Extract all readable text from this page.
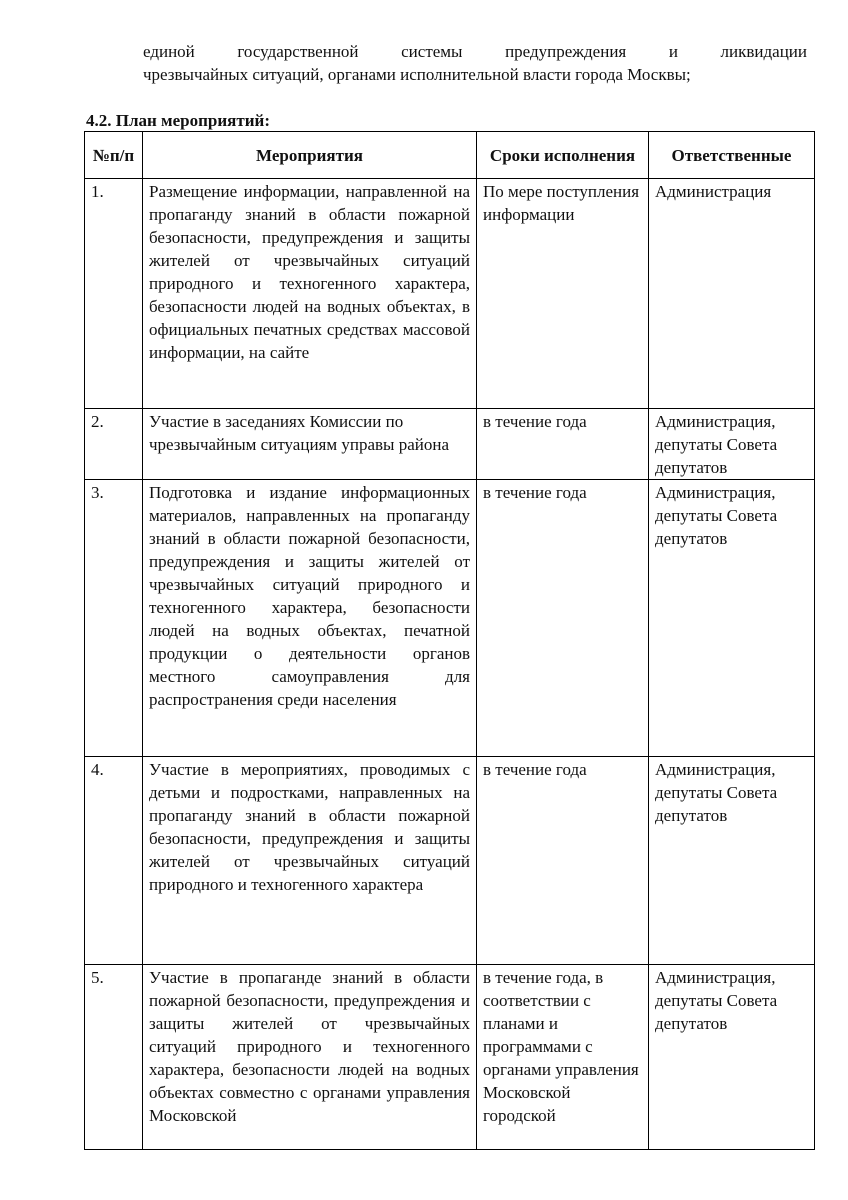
единой государственной системы предупреждения и ликвидации
чрезвычайных ситуаций, органами исполнительной власти города Москвы;
4.2. План мероприятий:
№п/п	Мероприятия	Сроки исполнения	Ответственные
1.	Размещение информации, направленной на пропаганду знаний в области пожарной безопасности, предупреждения и защиты жителей от чрезвычайных ситуаций природного и техногенного характера, безопасности людей на водных объектах, в официальных печатных средствах массовой информации, на сайте	По мере поступления информации	Администрация
2.	Участие в заседаниях Комиссии по чрезвычайным ситуациям управы района	в течение года	Администрация, депутаты Совета депутатов
3.	Подготовка и издание информационных материалов, направленных на пропаганду знаний в области пожарной безопасности, предупреждения и защиты жителей от чрезвычайных ситуаций природного и техногенного характера, безопасности людей на водных объектах, печатной продукции о деятельности органов местного самоуправления для распространения среди населения	в течение года	Администрация, депутаты Совета депутатов
4.	Участие в мероприятиях, проводимых с детьми и подростками, направленных на пропаганду знаний в области пожарной безопасности, предупреждения и защиты жителей от чрезвычайных ситуаций природного и техногенного характера	в течение года	Администрация, депутаты Совета депутатов
5.	Участие в пропаганде знаний в области пожарной безопасности, предупреждения и защиты жителей от чрезвычайных ситуаций природного и техногенного характера, безопасности людей на водных объектах совместно с органами управления Московской	в течение года, в соответствии с планами и программами с органами управления Московской городской	Администрация, депутаты Совета депутатов
